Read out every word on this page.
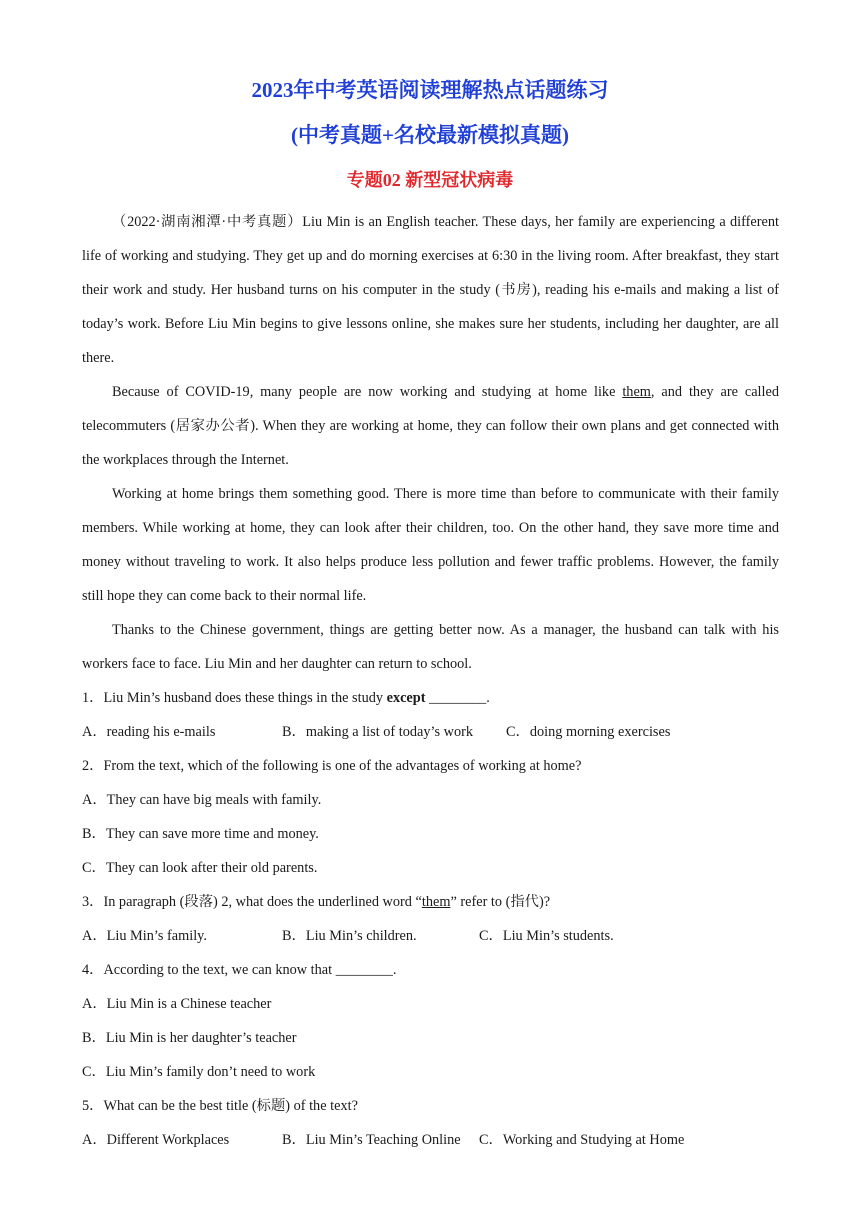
2023年中考英语阅读理解热点话题练习
(中考真题+名校最新模拟真题)
专题02 新型冠状病毒

（2022·湖南湘潭·中考真题）Liu Min is an English teacher. These days, her family are experiencing a different life of working and studying. They get up and do morning exercises at 6:30 in the living room. After breakfast, they start their work and study. Her husband turns on his computer in the study (书房), reading his e-mails and making a list of today’s work. Before Liu Min begins to give lessons online, she makes sure her students, including her daughter, are all there.

Because of COVID-19, many people are now working and studying at home like them, and they are called telecommuters (居家办公者). When they are working at home, they can follow their own plans and get connected with the workplaces through the Internet.

Working at home brings them something good. There is more time than before to communicate with their family members. While working at home, they can look after their children, too. On the other hand, they save more time and money without traveling to work. It also helps produce less pollution and fewer traffic problems. However, the family still hope they can come back to their normal life.

Thanks to the Chinese government, things are getting better now. As a manager, the husband can talk with his workers face to face. Liu Min and her daughter can return to school.

1．Liu Min’s husband does these things in the study except ________.

A．reading his e-mails	B．making a list of today’s work C．doing morning exercises

2．From the text, which of the following is one of the advantages of working at home?

A．They can have big meals with family.

B．They can save more time and money.

C．They can look after their old parents.

3．In paragraph (段落) 2, what does the underlined word “them” refer to (指代)?

A．Liu Min’s family.	B．Liu Min’s children.	C．Liu Min’s students.

4．According to the text, we can know that ________.

A．Liu Min is a Chinese teacher

B．Liu Min is her daughter’s teacher

C．Liu Min’s family don’t need to work

5．What can be the best title (标题) of the text?

A．Different Workplaces	B．Liu Min’s Teaching Online C．Working and Studying at Home
